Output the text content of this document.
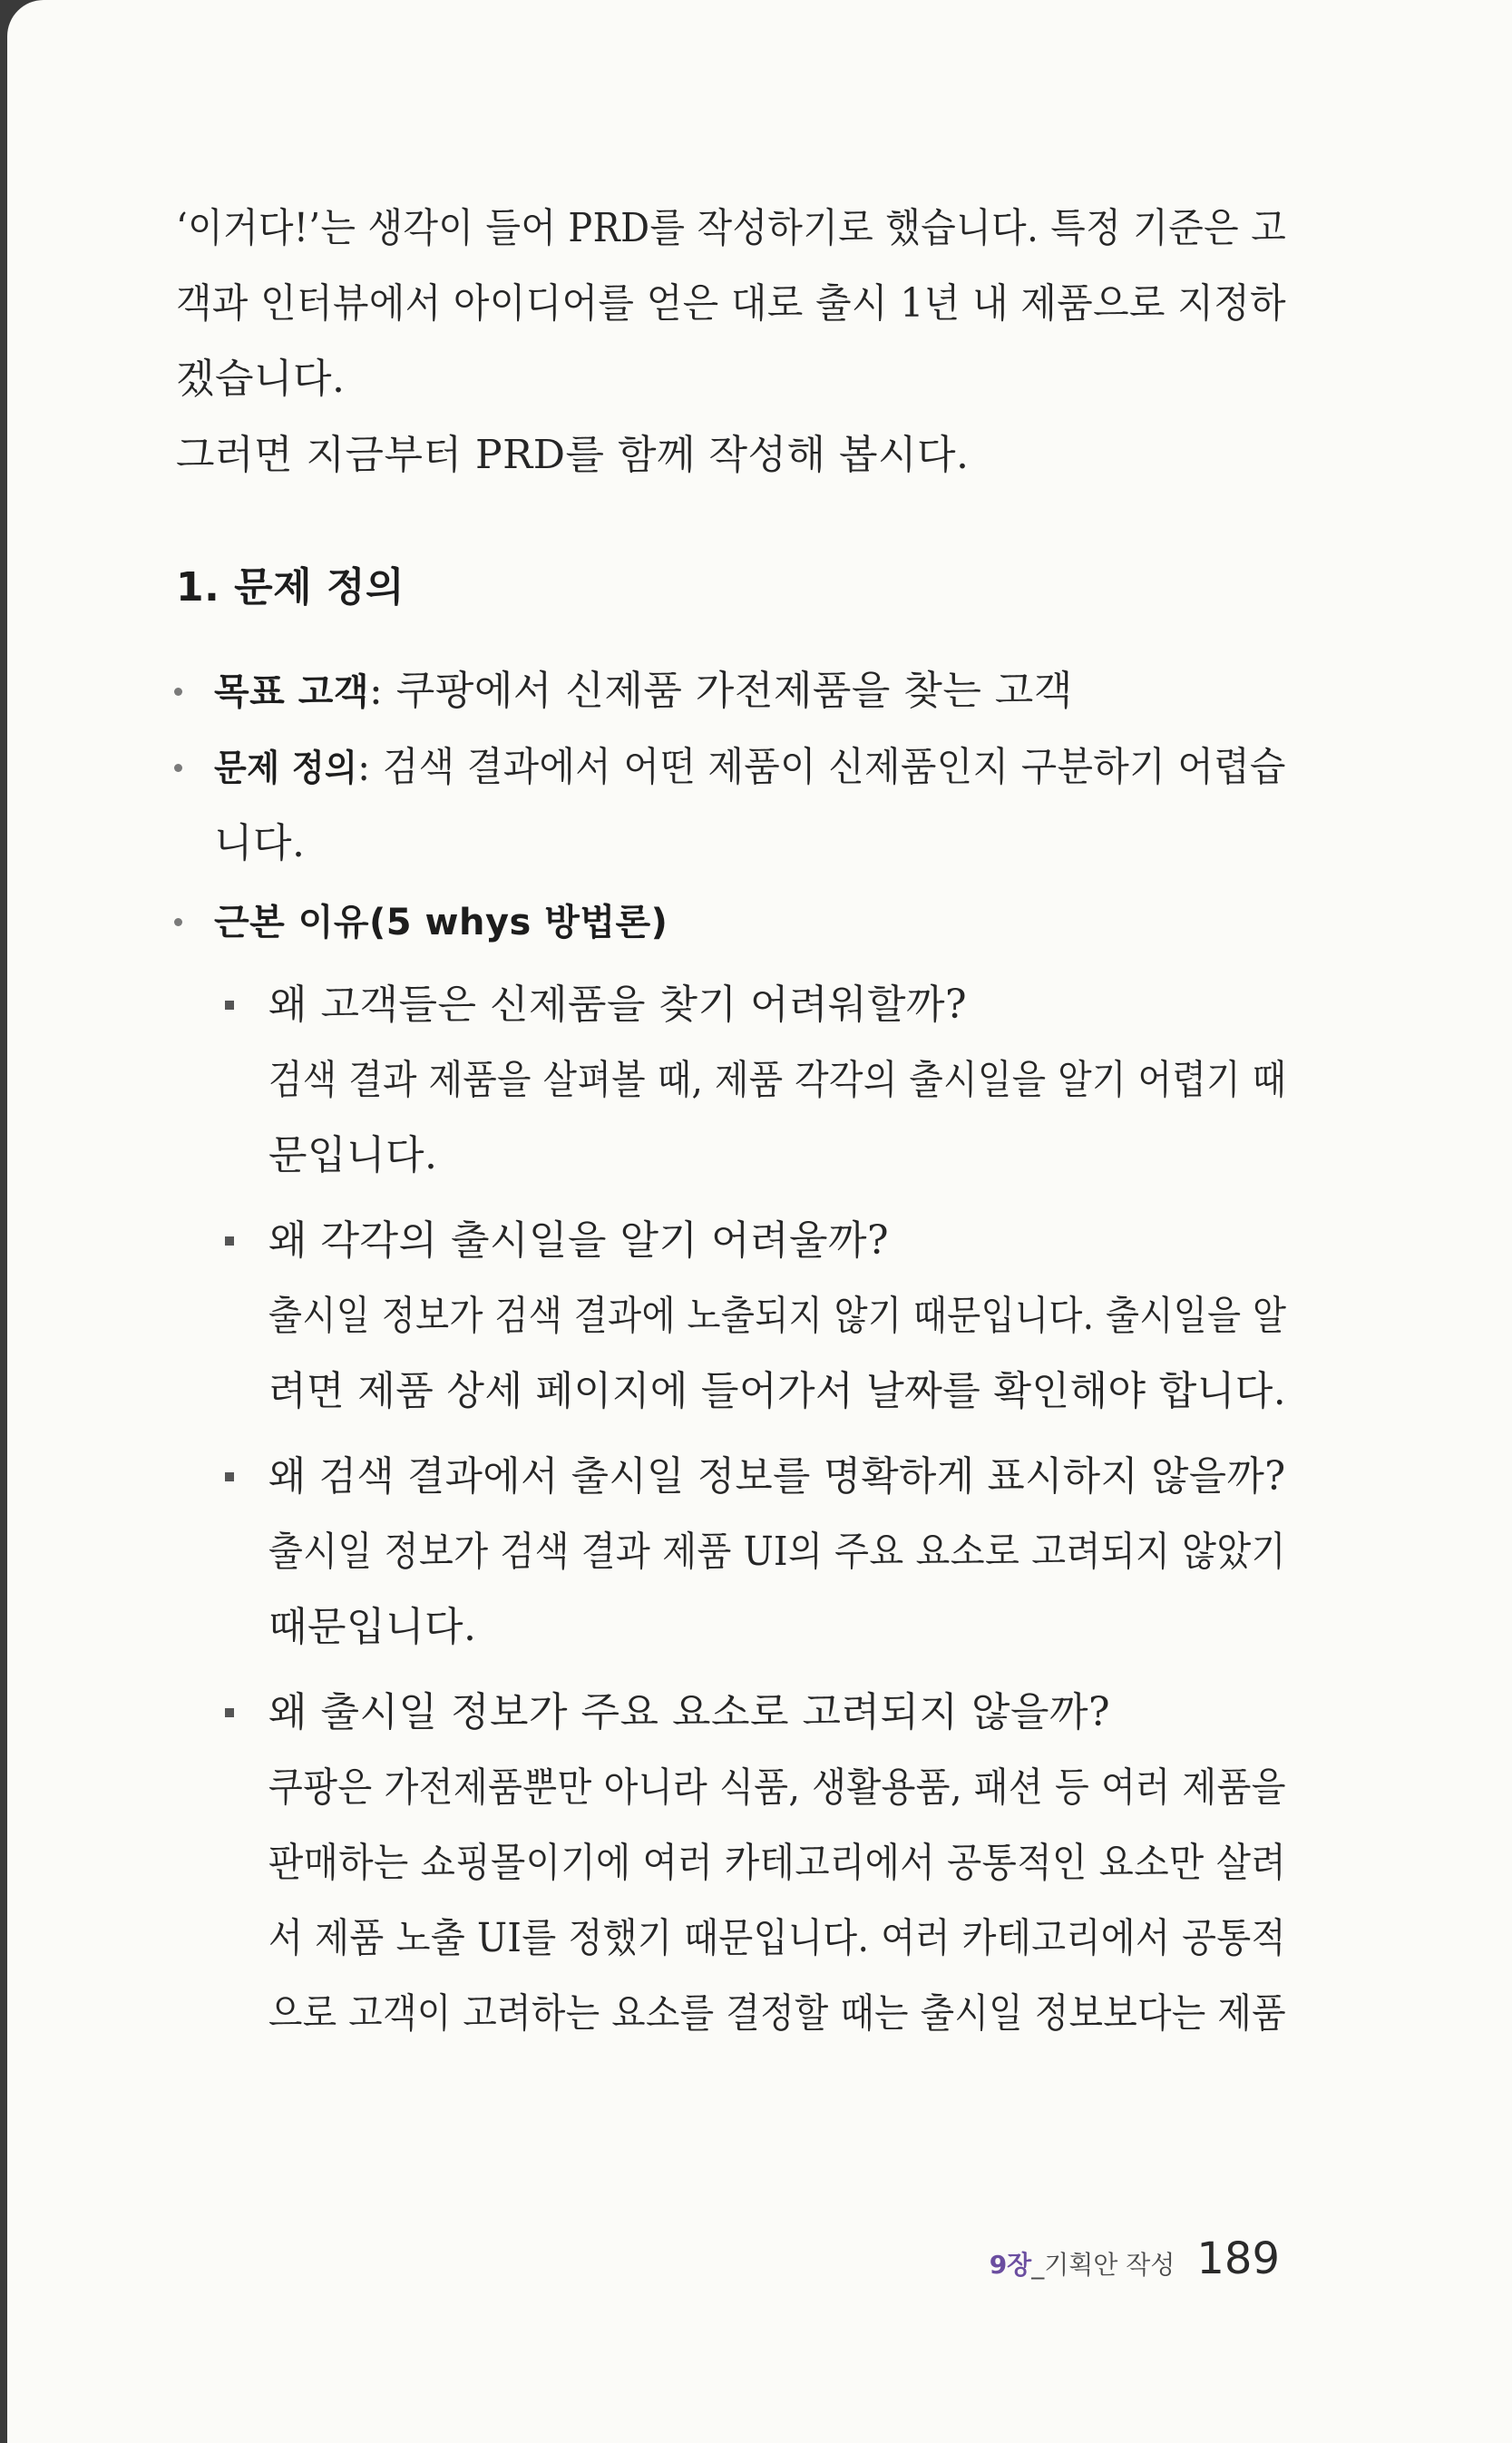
‘이거다!’는 생각이 들어 PRD를 작성하기로 했습니다. 특정 기준은 고
객과 인터뷰에서 아이디어를 얻은 대로 출시 1년 내 제품으로 지정하
겠습니다.
그러면 지금부터 PRD를 함께 작성해 봅시다.
1. 문제 정의
목표 고객: 쿠팡에서 신제품 가전제품을 찾는 고객
문제 정의: 검색 결과에서 어떤 제품이 신제품인지 구분하기 어렵습
니다.
근본 이유(5 whys 방법론)
왜 고객들은 신제품을 찾기 어려워할까?
검색 결과 제품을 살펴볼 때, 제품 각각의 출시일을 알기 어렵기 때
문입니다.
왜 각각의 출시일을 알기 어려울까?
출시일 정보가 검색 결과에 노출되지 않기 때문입니다. 출시일을 알
려면 제품 상세 페이지에 들어가서 날짜를 확인해야 합니다.
왜 검색 결과에서 출시일 정보를 명확하게 표시하지 않을까?
출시일 정보가 검색 결과 제품 UI의 주요 요소로 고려되지 않았기
때문입니다.
왜 출시일 정보가 주요 요소로 고려되지 않을까?
쿠팡은 가전제품뿐만 아니라 식품, 생활용품, 패션 등 여러 제품을
판매하는 쇼핑몰이기에 여러 카테고리에서 공통적인 요소만 살려
서 제품 노출 UI를 정했기 때문입니다. 여러 카테고리에서 공통적
으로 고객이 고려하는 요소를 결정할 때는 출시일 정보보다는 제품
9장_기획안 작성 189
